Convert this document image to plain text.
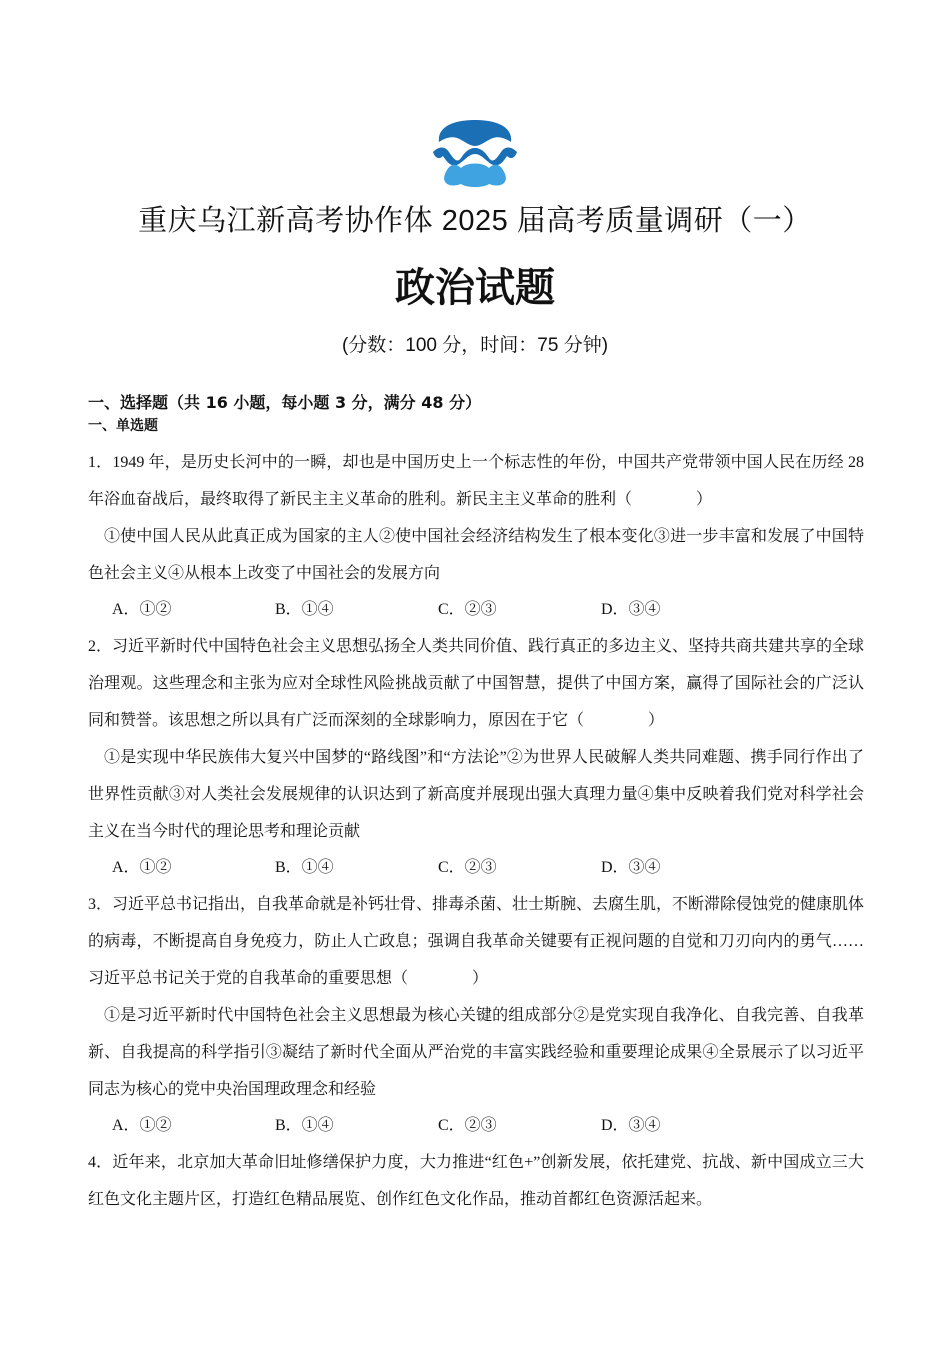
重庆乌江新高考协作体 2025 届高考质量调研（一）
政治试题
(分数：100 分，时间：75 分钟)
一、选择题（共 16 小题，每小题 3 分，满分 48 分）
一、单选题
1．1949 年，是历史长河中的一瞬，却也是中国历史上一个标志性的年份，中国共产党带领中国人民在历经 28 年浴血奋战后，最终取得了新民主主义革命的胜利。新民主主义革命的胜利（　　　　）
①使中国人民从此真正成为国家的主人②使中国社会经济结构发生了根本变化③进一步丰富和发展了中国特色社会主义④从根本上改变了中国社会的发展方向
A．①②	B．①④	C．②③	D．③④
2．习近平新时代中国特色社会主义思想弘扬全人类共同价值、践行真正的多边主义、坚持共商共建共享的全球治理观。这些理念和主张为应对全球性风险挑战贡献了中国智慧，提供了中国方案，赢得了国际社会的广泛认同和赞誉。该思想之所以具有广泛而深刻的全球影响力，原因在于它（　　　　）
①是实现中华民族伟大复兴中国梦的“路线图”和“方法论”②为世界人民破解人类共同难题、携手同行作出了世界性贡献③对人类社会发展规律的认识达到了新高度并展现出强大真理力量④集中反映着我们党对科学社会主义在当今时代的理论思考和理论贡献
A．①②	B．①④	C．②③	D．③④
3．习近平总书记指出，自我革命就是补钙壮骨、排毒杀菌、壮士斯腕、去腐生肌，不断滞除侵蚀党的健康肌体的病毒，不断提高自身免疫力，防止人亡政息；强调自我革命关键要有正视问题的自觉和刀刃向内的勇气……习近平总书记关于党的自我革命的重要思想（　　　　）
①是习近平新时代中国特色社会主义思想最为核心关键的组成部分②是党实现自我净化、自我完善、自我革新、自我提高的科学指引③凝结了新时代全面从严治党的丰富实践经验和重要理论成果④全景展示了以习近平同志为核心的党中央治国理政理念和经验
A．①②	B．①④	C．②③	D．③④
4．近年来，北京加大革命旧址修缮保护力度，大力推进“红色+”创新发展，依托建党、抗战、新中国成立三大红色文化主题片区，打造红色精品展览、创作红色文化作品，推动首都红色资源活起来。
